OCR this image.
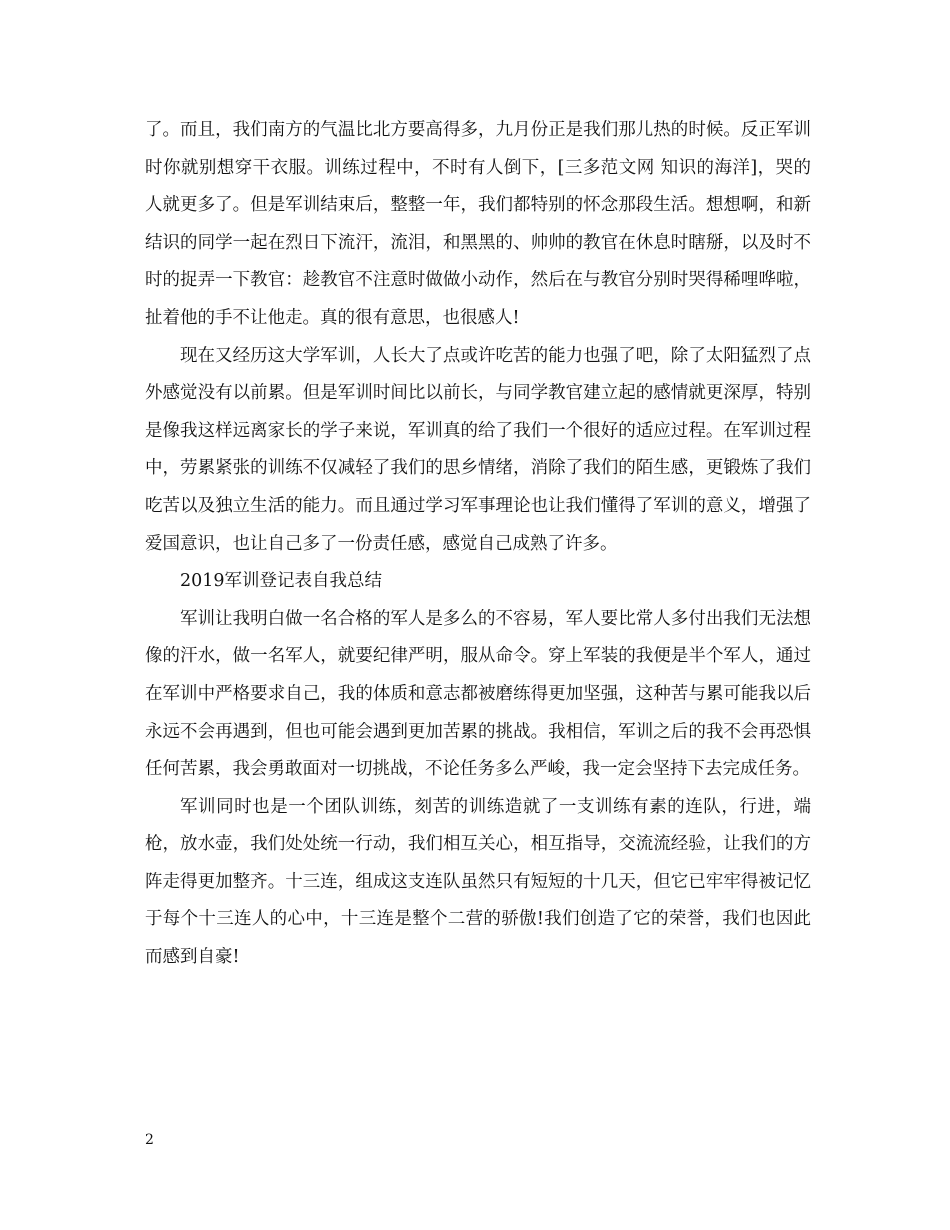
了。而且，我们南方的气温比北方要高得多，九月份正是我们那儿热的时候。反正军训时你就别想穿干衣服。训练过程中，不时有人倒下，[三多范文网 知识的海洋]，哭的人就更多了。但是军训结束后，整整一年，我们都特别的怀念那段生活。想想啊，和新结识的同学一起在烈日下流汗，流泪，和黑黑的、帅帅的教官在休息时瞎掰，以及时不时的捉弄一下教官：趁教官不注意时做做小动作，然后在与教官分别时哭得稀哩哗啦，扯着他的手不让他走。真的很有意思，也很感人!

现在又经历这大学军训，人长大了点或许吃苦的能力也强了吧，除了太阳猛烈了点外感觉没有以前累。但是军训时间比以前长，与同学教官建立起的感情就更深厚，特别是像我这样远离家长的学子来说，军训真的给了我们一个很好的适应过程。在军训过程中，劳累紧张的训练不仅减轻了我们的思乡情绪，消除了我们的陌生感，更锻炼了我们吃苦以及独立生活的能力。而且通过学习军事理论也让我们懂得了军训的意义，增强了爱国意识，也让自己多了一份责任感，感觉自己成熟了许多。

2019军训登记表自我总结

军训让我明白做一名合格的军人是多么的不容易，军人要比常人多付出我们无法想像的汗水，做一名军人，就要纪律严明，服从命令。穿上军装的我便是半个军人，通过在军训中严格要求自己，我的体质和意志都被磨练得更加坚强，这种苦与累可能我以后永远不会再遇到，但也可能会遇到更加苦累的挑战。我相信，军训之后的我不会再恐惧任何苦累，我会勇敢面对一切挑战，不论任务多么严峻，我一定会坚持下去完成任务。

军训同时也是一个团队训练，刻苦的训练造就了一支训练有素的连队，行进，端枪，放水壶，我们处处统一行动，我们相互关心，相互指导，交流流经验，让我们的方阵走得更加整齐。十三连，组成这支连队虽然只有短短的十几天，但它已牢牢得被记忆于每个十三连人的心中，十三连是整个二营的骄傲!我们创造了它的荣誉，我们也因此而感到自豪!

2
